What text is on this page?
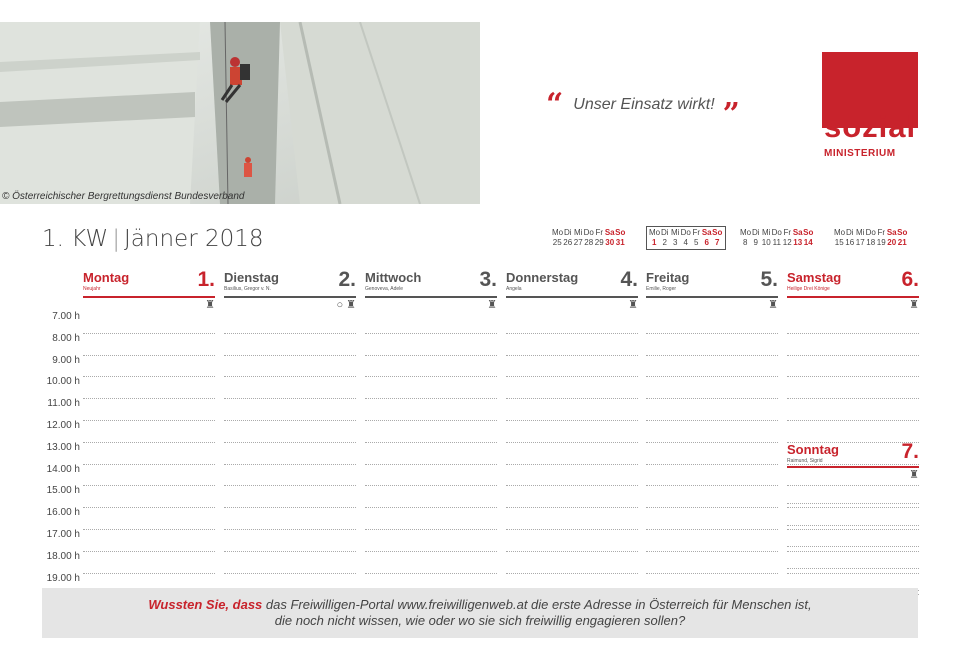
© Österreichischer Bergrettungsdienst Bundesverband
“ Unser Einsatz wirkt! ”	sozial
MINISTERIUM
1. KW | Jänner 2018	Mo Di Mi Do Fr Sa So
25 26 27 28 29 30 31
Mo Di Mi Do Fr Sa So
1 2 3 4 5 6 7
Mo Di Mi Do Fr Sa So
8 9 10 11 12 13 14
Mo Di Mi Do Fr Sa So
15 16 17 18 19 20 21
7.00 h
8.00 h
9.00 h
10.00 h
11.00 h
12.00 h
13.00 h
14.00 h
15.00 h
16.00 h
17.00 h
18.00 h
19.00 h
Montag
Neujahr	1.
♜
Dienstag
Basilius, Gregor v. N.	2.
○ ♜
Mittwoch
Genoveva, Adele	3.
♜
Donnerstag
Angela	4.
♜
Freitag
Emilie, Roger	5.
♜
Samstag
Heilige Drei Könige	6.
♜
Sonntag
Raimund, Sigrid	7.
♜
Wussten Sie, dass das Freiwilligen-Portal www.freiwilligenweb.at die erste Adresse in Österreich für Menschen ist,
die noch nicht wissen, wie oder wo sie sich freiwillig engagieren sollen?
